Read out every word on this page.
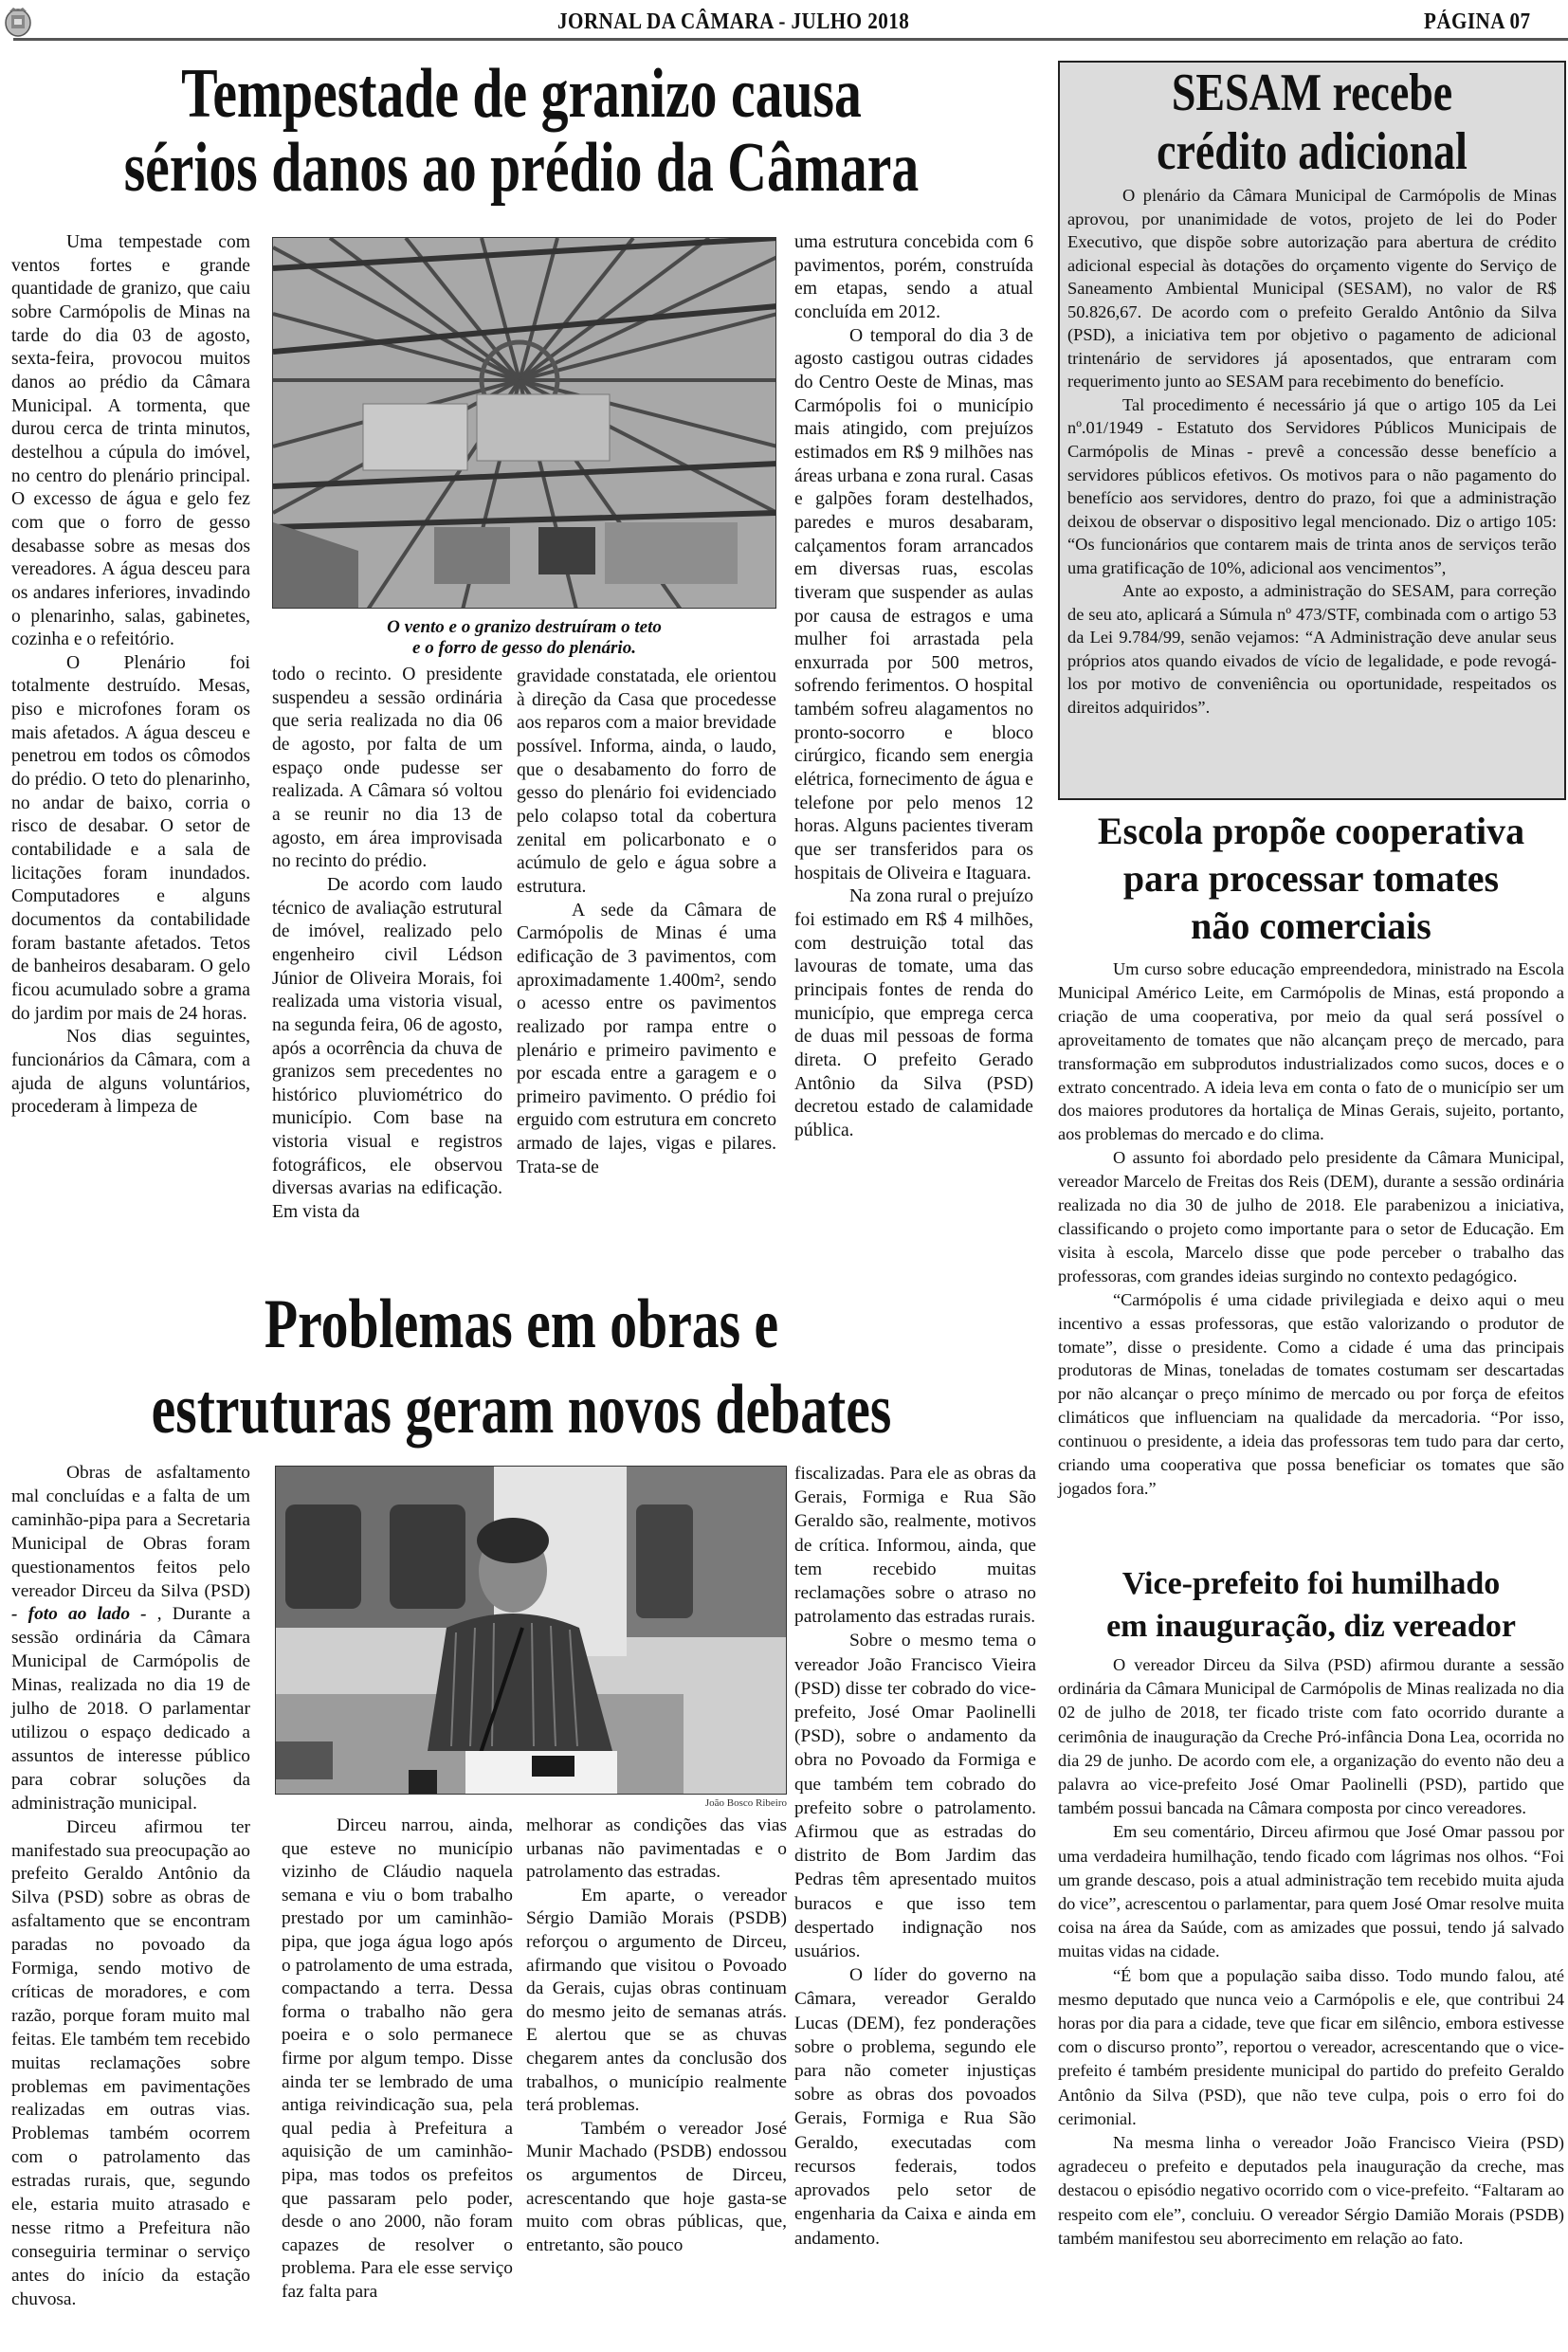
JORNAL DA CÂMARA - JULHO 2018	PÁGINA 07
Tempestade de granizo causa
sérios danos ao prédio da Câmara

Uma tempestade com ventos fortes e grande quantidade de granizo, que caiu sobre Carmópolis de Minas na tarde do dia 03 de agosto, sexta-feira, provocou muitos danos ao prédio da Câmara Municipal. A tormenta, que durou cerca de trinta minutos, destelhou a cúpula do imóvel, no centro do plenário principal. O excesso de água e gelo fez com que o forro de gesso desabasse sobre as mesas dos vereadores. A água desceu para os andares inferiores, invadindo o plenarinho, salas, gabinetes, cozinha e o refeitório.

O Plenário foi totalmente destruído. Mesas, piso e microfones foram os mais afetados. A água desceu e penetrou em todos os cômodos do prédio. O teto do plenarinho, no andar de baixo, corria o risco de desabar. O setor de contabilidade e a sala de licitações foram inundados. Computadores e alguns documentos da contabilidade foram bastante afetados. Tetos de banheiros desabaram. O gelo ficou acumulado sobre a grama do jardim por mais de 24 horas.

Nos dias seguintes, funcionários da Câmara, com a ajuda de alguns voluntários, procederam à limpeza de

O vento e o granizo destruíram o teto
e o forro de gesso do plenário.

todo o recinto. O presidente suspendeu a sessão ordinária que seria realizada no dia 06 de agosto, por falta de um espaço onde pudesse ser realizada. A Câmara só voltou a se reunir no dia 13 de agosto, em área improvisada no recinto do prédio.

De acordo com laudo técnico de avaliação estrutural de imóvel, realizado pelo engenheiro civil Lédson Júnior de Oliveira Morais, foi realizada uma vistoria visual, na segunda feira, 06 de agosto, após a ocorrência da chuva de granizos sem precedentes no histórico pluviométrico do município. Com base na vistoria visual e registros fotográficos, ele observou diversas avarias na edificação. Em vista da

gravidade constatada, ele orientou à direção da Casa que procedesse aos reparos com a maior brevidade possível. Informa, ainda, o laudo, que o desabamento do forro de gesso do plenário foi evidenciado pelo colapso total da cobertura zenital em policarbonato e o acúmulo de gelo e água sobre a estrutura.

A sede da Câmara de Carmópolis de Minas é uma edificação de 3 pavimentos, com aproximadamente 1.400m², sendo o acesso entre os pavimentos realizado por rampa entre o plenário e primeiro pavimento e por escada entre a garagem e o primeiro pavimento. O prédio foi erguido com estrutura em concreto armado de lajes, vigas e pilares. Trata-se de

uma estrutura concebida com 6 pavimentos, porém, construída em etapas, sendo a atual concluída em 2012.

O temporal do dia 3 de agosto castigou outras cidades do Centro Oeste de Minas, mas Carmópolis foi o município mais atingido, com prejuízos estimados em R$ 9 milhões nas áreas urbana e zona rural. Casas e galpões foram destelhados, paredes e muros desabaram, calçamentos foram arrancados em diversas ruas, escolas tiveram que suspender as aulas por causa de estragos e uma mulher foi arrastada pela enxurrada por 500 metros, sofrendo ferimentos. O hospital também sofreu alagamentos no pronto-socorro e bloco cirúrgico, ficando sem energia elétrica, fornecimento de água e telefone por pelo menos 12 horas. Alguns pacientes tiveram que ser transferidos para os hospitais de Oliveira e Itaguara.

Na zona rural o prejuízo foi estimado em R$ 4 milhões, com destruição total das lavouras de tomate, uma das principais fontes de renda do município, que emprega cerca de duas mil pessoas de forma direta. O prefeito Gerado Antônio da Silva (PSD) decretou estado de calamidade pública.

SESAM recebe
crédito adicional

O plenário da Câmara Municipal de Carmópolis de Minas aprovou, por unanimidade de votos, projeto de lei do Poder Executivo, que dispõe sobre autorização para abertura de crédito adicional especial às dotações do orçamento vigente do Serviço de Saneamento Ambiental Municipal (SESAM), no valor de R$ 50.826,67. De acordo com o prefeito Geraldo Antônio da Silva (PSD), a iniciativa tem por objetivo o pagamento de adicional trintenário de servidores já aposentados, que entraram com requerimento junto ao SESAM para recebimento do benefício.

Tal procedimento é necessário já que o artigo 105 da Lei nº.01/1949 - Estatuto dos Servidores Públicos Municipais de Carmópolis de Minas - prevê a concessão desse benefício a servidores públicos efetivos. Os motivos para o não pagamento do benefício aos servidores, dentro do prazo, foi que a administração deixou de observar o dispositivo legal mencionado. Diz o artigo 105: “Os funcionários que contarem mais de trinta anos de serviços terão uma gratificação de 10%, adicional aos vencimentos”,

Ante ao exposto, a administração do SESAM, para correção de seu ato, aplicará a Súmula nº 473/STF, combinada com o artigo 53 da Lei 9.784/99, senão vejamos: “A Administração deve anular seus próprios atos quando eivados de vício de legalidade, e pode revogá-los por motivo de conveniência ou oportunidade, respeitados os direitos adquiridos”.

Escola propõe cooperativa
para processar tomates
não comerciais

Um curso sobre educação empreendedora, ministrado na Escola Municipal Américo Leite, em Carmópolis de Minas, está propondo a criação de uma cooperativa, por meio da qual será possível o aproveitamento de tomates que não alcançam preço de mercado, para transformação em subprodutos industrializados como sucos, doces e o extrato concentrado. A ideia leva em conta o fato de o município ser um dos maiores produtores da hortaliça de Minas Gerais, sujeito, portanto, aos problemas do mercado e do clima.

O assunto foi abordado pelo presidente da Câmara Municipal, vereador Marcelo de Freitas dos Reis (DEM), durante a sessão ordinária realizada no dia 30 de julho de 2018. Ele parabenizou a iniciativa, classificando o projeto como importante para o setor de Educação. Em visita à escola, Marcelo disse que pode perceber o trabalho das professoras, com grandes ideias surgindo no contexto pedagógico.

“Carmópolis é uma cidade privilegiada e deixo aqui o meu incentivo a essas professoras, que estão valorizando o produtor de tomate”, disse o presidente. Como a cidade é uma das principais produtoras de Minas, toneladas de tomates costumam ser descartadas por não alcançar o preço mínimo de mercado ou por força de efeitos climáticos que influenciam na qualidade da mercadoria. “Por isso, continuou o presidente, a ideia das professoras tem tudo para dar certo, criando uma cooperativa que possa beneficiar os tomates que são jogados fora.”

Vice-prefeito foi humilhado
em inauguração, diz vereador

O vereador Dirceu da Silva (PSD) afirmou durante a sessão ordinária da Câmara Municipal de Carmópolis de Minas realizada no dia 02 de julho de 2018, ter ficado triste com fato ocorrido durante a cerimônia de inauguração da Creche Pró-infância Dona Lea, ocorrida no dia 29 de junho. De acordo com ele, a organização do evento não deu a palavra ao vice-prefeito José Omar Paolinelli (PSD), partido que também possui bancada na Câmara composta por cinco vereadores.

Em seu comentário, Dirceu afirmou que José Omar passou por uma verdadeira humilhação, tendo ficado com lágrimas nos olhos. “Foi um grande descaso, pois a atual administração tem recebido muita ajuda do vice”, acrescentou o parlamentar, para quem José Omar resolve muita coisa na área da Saúde, com as amizades que possui, tendo já salvado muitas vidas na cidade.

“É bom que a população saiba disso. Todo mundo falou, até mesmo deputado que nunca veio a Carmópolis e ele, que contribui 24 horas por dia para a cidade, teve que ficar em silêncio, embora estivesse com o discurso pronto”, reportou o vereador, acrescentando que o vice-prefeito é também presidente municipal do partido do prefeito Geraldo Antônio da Silva (PSD), que não teve culpa, pois o erro foi do cerimonial.

Na mesma linha o vereador João Francisco Vieira (PSD) agradeceu o prefeito e deputados pela inauguração da creche, mas destacou o episódio negativo ocorrido com o vice-prefeito. “Faltaram ao respeito com ele”, concluiu. O vereador Sérgio Damião Morais (PSDB) também manifestou seu aborrecimento em relação ao fato.

Problemas em obras e
estruturas geram novos debates

Obras de asfaltamento mal concluídas e a falta de um caminhão-pipa para a Secretaria Municipal de Obras foram questionamentos feitos pelo vereador Dirceu da Silva (PSD) - foto ao lado - , Durante a sessão ordinária da Câmara Municipal de Carmópolis de Minas, realizada no dia 19 de julho de 2018. O parlamentar utilizou o espaço dedicado a assuntos de interesse público para cobrar soluções da administração municipal.

Dirceu afirmou ter manifestado sua preocupação ao prefeito Geraldo Antônio da Silva (PSD) sobre as obras de asfaltamento que se encontram paradas no povoado da Formiga, sendo motivo de críticas de moradores, e com razão, porque foram muito mal feitas. Ele também tem recebido muitas reclamações sobre problemas em pavimentações realizadas em outras vias. Problemas também ocorrem com o patrolamento das estradas rurais, que, segundo ele, estaria muito atrasado e nesse ritmo a Prefeitura não conseguiria terminar o serviço antes do início da estação chuvosa.

João Bosco Ribeiro

Dirceu narrou, ainda, que esteve no município vizinho de Cláudio naquela semana e viu o bom trabalho prestado por um caminhão-pipa, que joga água logo após o patrolamento de uma estrada, compactando a terra. Dessa forma o trabalho não gera poeira e o solo permanece firme por algum tempo. Disse ainda ter se lembrado de uma antiga reivindicação sua, pela qual pedia à Prefeitura a aquisição de um caminhão-pipa, mas todos os prefeitos que passaram pelo poder, desde o ano 2000, não foram capazes de resolver o problema. Para ele esse serviço faz falta para

melhorar as condições das vias urbanas não pavimentadas e o patrolamento das estradas.

Em aparte, o vereador Sérgio Damião Morais (PSDB) reforçou o argumento de Dirceu, afirmando que visitou o Povoado da Gerais, cujas obras continuam do mesmo jeito de semanas atrás. E alertou que se as chuvas chegarem antes da conclusão dos trabalhos, o município realmente terá problemas.

Também o vereador José Munir Machado (PSDB) endossou os argumentos de Dirceu, acrescentando que hoje gasta-se muito com obras públicas, que, entretanto, são pouco

fiscalizadas. Para ele as obras da Gerais, Formiga e Rua São Geraldo são, realmente, motivos de crítica. Informou, ainda, que tem recebido muitas reclamações sobre o atraso no patrolamento das estradas rurais.

Sobre o mesmo tema o vereador João Francisco Vieira (PSD) disse ter cobrado do vice-prefeito, José Omar Paolinelli (PSD), sobre o andamento da obra no Povoado da Formiga e que também tem cobrado do prefeito sobre o patrolamento. Afirmou que as estradas do distrito de Bom Jardim das Pedras têm apresentado muitos buracos e que isso tem despertado indignação nos usuários.

O líder do governo na Câmara, vereador Geraldo Lucas (DEM), fez ponderações sobre o problema, segundo ele para não cometer injustiças sobre as obras dos povoados Gerais, Formiga e Rua São Geraldo, executadas com recursos federais, todos aprovados pelo setor de engenharia da Caixa e ainda em andamento.
